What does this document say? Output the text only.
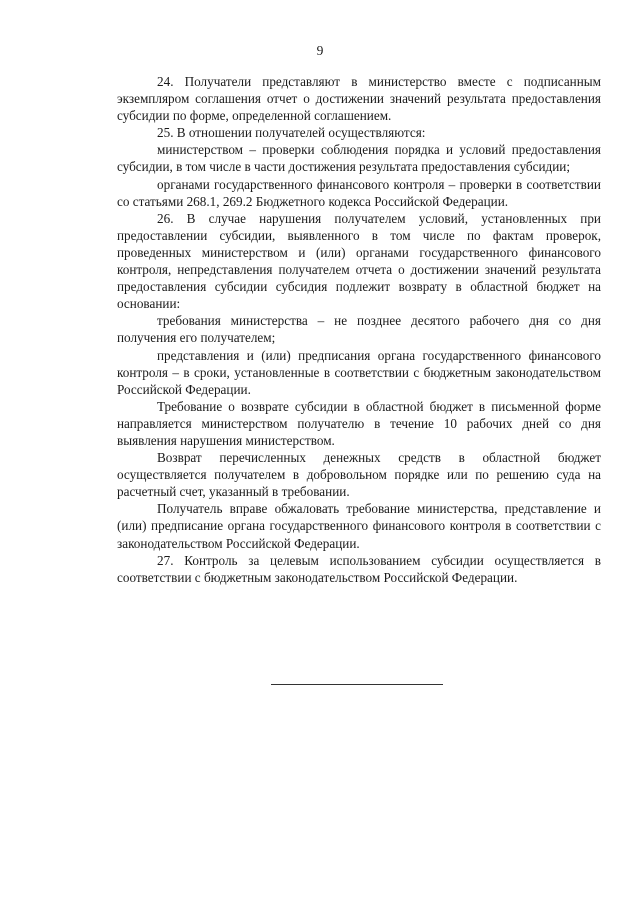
9

24. Получатели представляют в министерство вместе с подписанным экземпляром соглашения отчет о достижении значений результата предоставления субсидии по форме, определенной соглашением.

25. В отношении получателей осуществляются:

министерством – проверки соблюдения порядка и условий предоставления субсидии, в том числе в части достижения результата предоставления субсидии;

органами государственного финансового контроля – проверки в соответствии со статьями 268.1, 269.2 Бюджетного кодекса Российской Федерации.

26. В случае нарушения получателем условий, установленных при предоставлении субсидии, выявленного в том числе по фактам проверок, проведенных министерством и (или) органами государственного финансового контроля, непредставления получателем отчета о достижении значений результата предоставления субсидии субсидия подлежит возврату в областной бюджет на основании:

требования министерства – не позднее десятого рабочего дня со дня получения его получателем;

представления и (или) предписания органа государственного финансового контроля – в сроки, установленные в соответствии с бюджетным законодательством Российской Федерации.

Требование о возврате субсидии в областной бюджет в письменной форме направляется министерством получателю в течение 10 рабочих дней со дня выявления нарушения министерством.

Возврат перечисленных денежных средств в областной бюджет осуществляется получателем в добровольном порядке или по решению суда на расчетный счет, указанный в требовании.

Получатель вправе обжаловать требование министерства, представление и (или) предписание органа государственного финансового контроля в соответствии с законодательством Российской Федерации.

27. Контроль за целевым использованием субсидии осуществляется в соответствии с бюджетным законодательством Российской Федерации.
